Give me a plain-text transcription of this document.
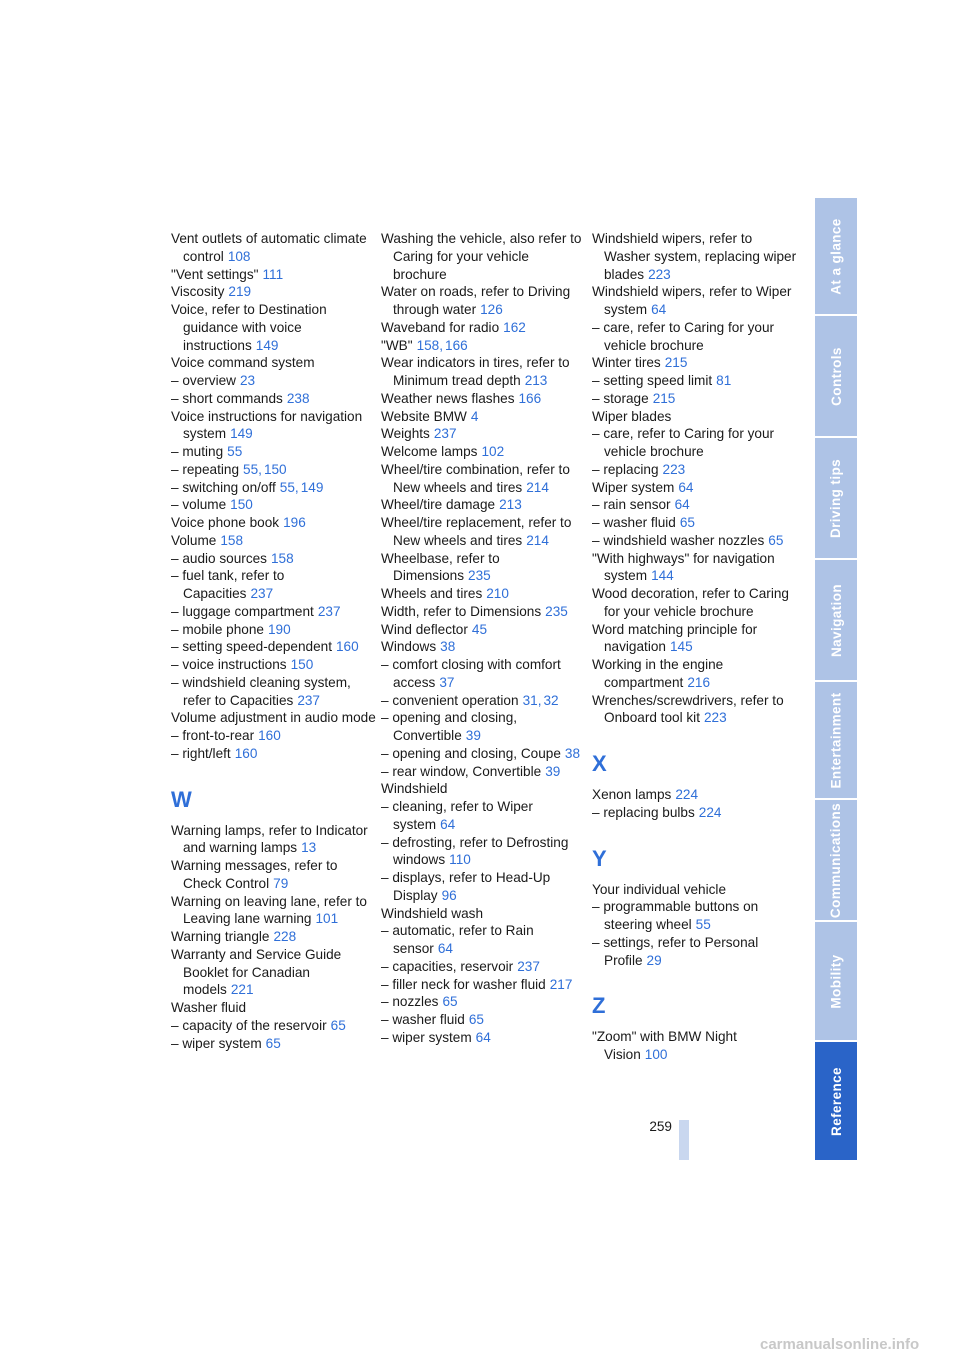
Vent outlets of automatic climate control 108
"Vent settings" 111
Viscosity 219
Voice, refer to Destination guidance with voice instructions 149
Voice command system
– overview 23
– short commands 238
Voice instructions for navigation system 149
– muting 55
– repeating 55, 150
– switching on/off 55, 149
– volume 150
Voice phone book 196
Volume 158
– audio sources 158
– fuel tank, refer to Capacities 237
– luggage compartment 237
– mobile phone 190
– setting speed-dependent 160
– voice instructions 150
– windshield cleaning system, refer to Capacities 237
Volume adjustment in audio mode
– front-to-rear 160
– right/left 160
W
Warning lamps, refer to Indicator and warning lamps 13
Warning messages, refer to Check Control 79
Warning on leaving lane, refer to Leaving lane warning 101
Warning triangle 228
Warranty and Service Guide Booklet for Canadian models 221
Washer fluid
– capacity of the reservoir 65
– wiper system 65
Washing the vehicle, also refer to Caring for your vehicle brochure
Water on roads, refer to Driving through water 126
Waveband for radio 162
"WB" 158, 166
Wear indicators in tires, refer to Minimum tread depth 213
Weather news flashes 166
Website BMW 4
Weights 237
Welcome lamps 102
Wheel/tire combination, refer to New wheels and tires 214
Wheel/tire damage 213
Wheel/tire replacement, refer to New wheels and tires 214
Wheelbase, refer to Dimensions 235
Wheels and tires 210
Width, refer to Dimensions 235
Wind deflector 45
Windows 38
– comfort closing with comfort access 37
– convenient operation 31, 32
– opening and closing, Convertible 39
– opening and closing, Coupe 38
– rear window, Convertible 39
Windshield
– cleaning, refer to Wiper system 64
– defrosting, refer to Defrosting windows 110
– displays, refer to Head-Up Display 96
Windshield wash
– automatic, refer to Rain sensor 64
– capacities, reservoir 237
– filler neck for washer fluid 217
– nozzles 65
– washer fluid 65
– wiper system 64
Windshield wipers, refer to Washer system, replacing wiper blades 223
Windshield wipers, refer to Wiper system 64
– care, refer to Caring for your vehicle brochure
Winter tires 215
– setting speed limit 81
– storage 215
Wiper blades
– care, refer to Caring for your vehicle brochure
– replacing 223
Wiper system 64
– rain sensor 64
– washer fluid 65
– windshield washer nozzles 65
"With highways" for navigation system 144
Wood decoration, refer to Caring for your vehicle brochure
Word matching principle for navigation 145
Working in the engine compartment 216
Wrenches/screwdrivers, refer to Onboard tool kit 223
X
Xenon lamps 224
– replacing bulbs 224
Y
Your individual vehicle
– programmable buttons on steering wheel 55
– settings, refer to Personal Profile 29
Z
"Zoom" with BMW Night Vision 100
At a glance
Controls
Driving tips
Navigation
Entertainment
Communications
Mobility
Reference
259
carmanualsonline.info
